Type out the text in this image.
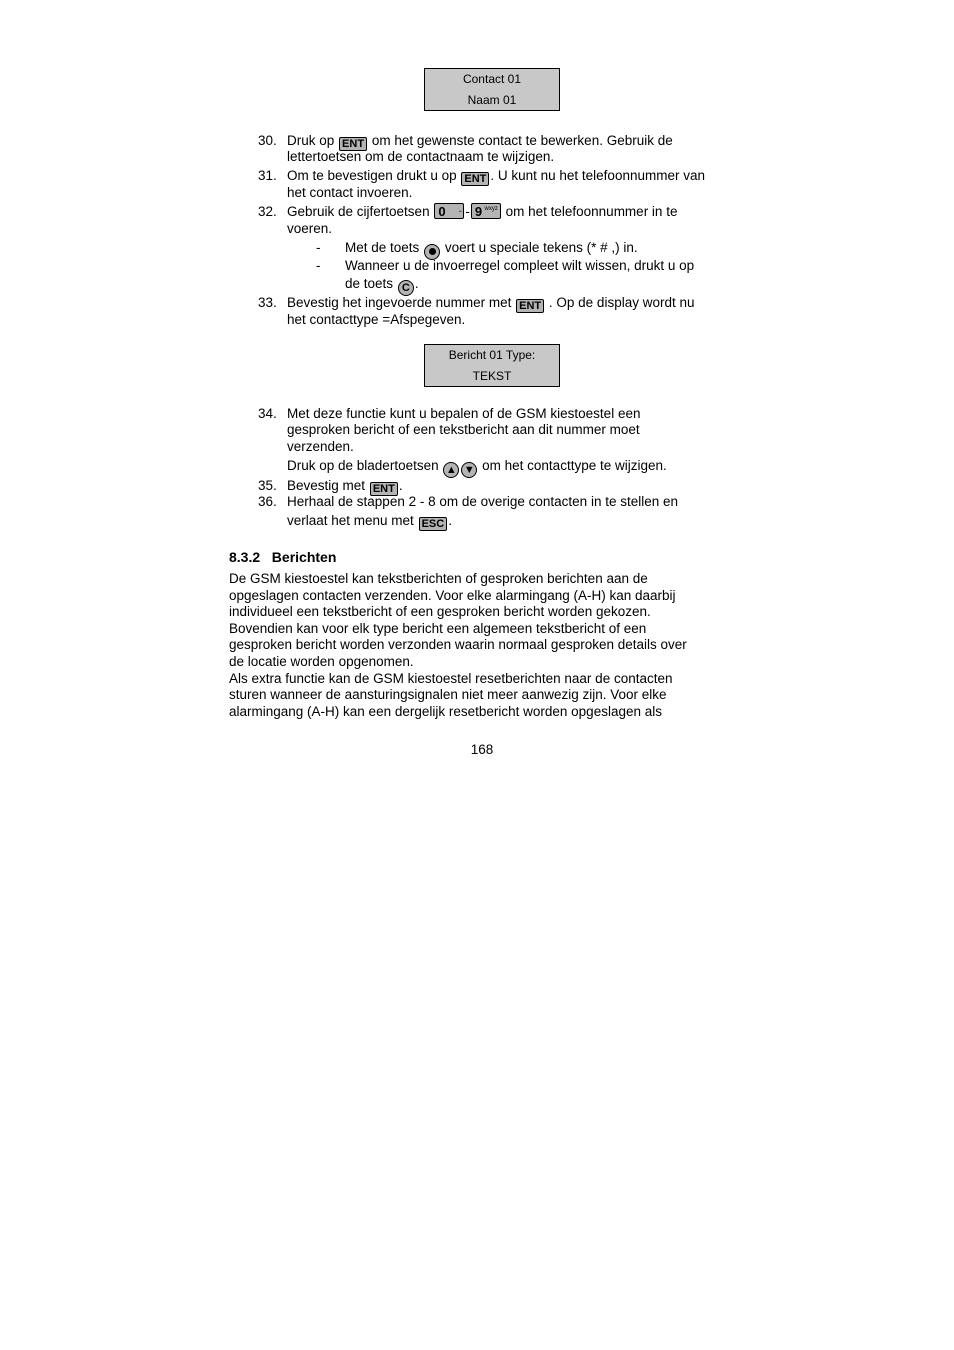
Contact 01
Naam 01
30. Druk op ENT om het gewenste contact te bewerken. Gebruik de
lettertoetsen om de contactnaam te wijzigen.
31. Om te bevestigen drukt u op ENT . U kunt nu het telefoonnummer van
het contact invoeren.
32. Gebruik de cijfertoetsen 0 ⎵ - 9 wxyz om het telefoonnummer in te
voeren.
- Met de toets voert u speciale tekens (* # ,) in.
- Wanneer u de invoerregel compleet wilt wissen, drukt u op
de toets C .
33. Bevestig het ingevoerde nummer met ENT . Op de display wordt nu
het contacttype =Afspegeven.
Bericht 01 Type:
TEKST
34. Met deze functie kunt u bepalen of de GSM kiestoestel een
gesproken bericht of een tekstbericht aan dit nummer moet
verzenden.
Druk op de bladertoetsen ▲ ▼ om het contacttype te wijzigen.
35. Bevestig met ENT .
36. Herhaal de stappen 2 - 8 om de overige contacten in te stellen en
verlaat het menu met ESC .
8.3.2   Berichten
De GSM kiestoestel kan tekstberichten of gesproken berichten aan de
opgeslagen contacten verzenden. Voor elke alarmingang (A-H) kan daarbij
individueel een tekstbericht of een gesproken bericht worden gekozen.
Bovendien kan voor elk type bericht een algemeen tekstbericht of een
gesproken bericht worden verzonden waarin normaal gesproken details over
de locatie worden opgenomen.
Als extra functie kan de GSM kiestoestel resetberichten naar de contacten
sturen wanneer de aansturingsignalen niet meer aanwezig zijn. Voor elke
alarmingang (A-H) kan een dergelijk resetbericht worden opgeslagen als
168
